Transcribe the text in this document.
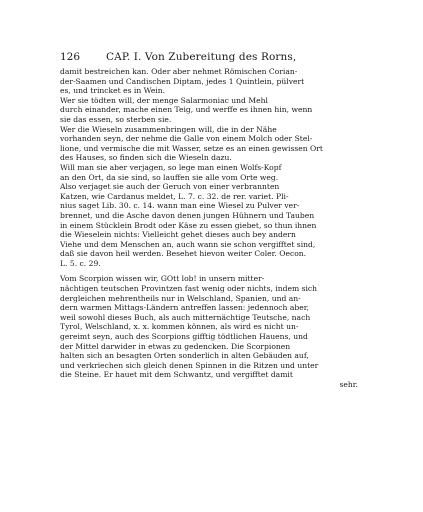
126 CAP. I. Von Zubereitung des Rorns,
damit bestreichen kan. Oder aber nehmet Römischen Corian-
der-Saamen und Candischen Diptam, jedes 1 Quintlein, pülvert
es, und trincket es in Wein.
Wer sie tödten will, der menge Salarmoniac und Mehl
durch einander, mache einen Teig, und werffe es ihnen hin, wenn
sie das essen, so sterben sie.
Wer die Wieseln zusammenbringen will, die in der Nähe
vorhanden seyn, der nehme die Galle von einem Molch oder Stel-
lione, und vermische die mit Wasser, setze es an einen gewissen Ort
des Hauses, so finden sich die Wieseln dazu.
Will man sie aber verjagen, so lege man einen Wolfs-Kopf
an den Ort, da sie sind, so lauffen sie alle vom Orte weg.
Also verjaget sie auch der Geruch von einer verbrannten
Katzen, wie Cardanus meldet, L. 7. c. 32. de rer. variet. Pli-
nius saget Lib. 30. c. 14. wann man eine Wiesel zu Pulver ver-
brennet, und die Asche davon denen jungen Hühnern und Tauben
in einem Stücklein Brodt oder Käse zu essen giebet, so thun ihnen
die Wieselein nichts: Vielleicht gehet dieses auch bey andern
Viehe und dem Menschen an, auch wann sie schon vergifftet sind,
daß sie davon heil werden. Besehet hievon weiter Coler. Oecon.
L. 5. c. 29.
Vom Scorpion wissen wir, GOtt lob! in unsern mitter-
nächtigen teutschen Provintzen fast wenig oder nichts, indem sich
dergleichen mehrentheils nur in Welschland, Spanien, und an-
dern warmen Mittags-Ländern antreffen lassen: jedennoch aber,
weil sowohl dieses Buch, als auch mitternächtige Teutsche, nach
Tyrol, Welschland, x. x. kommen können, als wird es nicht un-
gereimt seyn, auch des Scorpions gifftig tödtlichen Hauens, und
der Mittel darwider in etwas zu gedencken. Die Scorpionen
halten sich an besagten Orten sonderlich in alten Gebäuden auf,
und verkriechen sich gleich denen Spinnen in die Ritzen und unter
die Steine. Er hauet mit dem Schwantz, und vergifftet damit
sehr.
